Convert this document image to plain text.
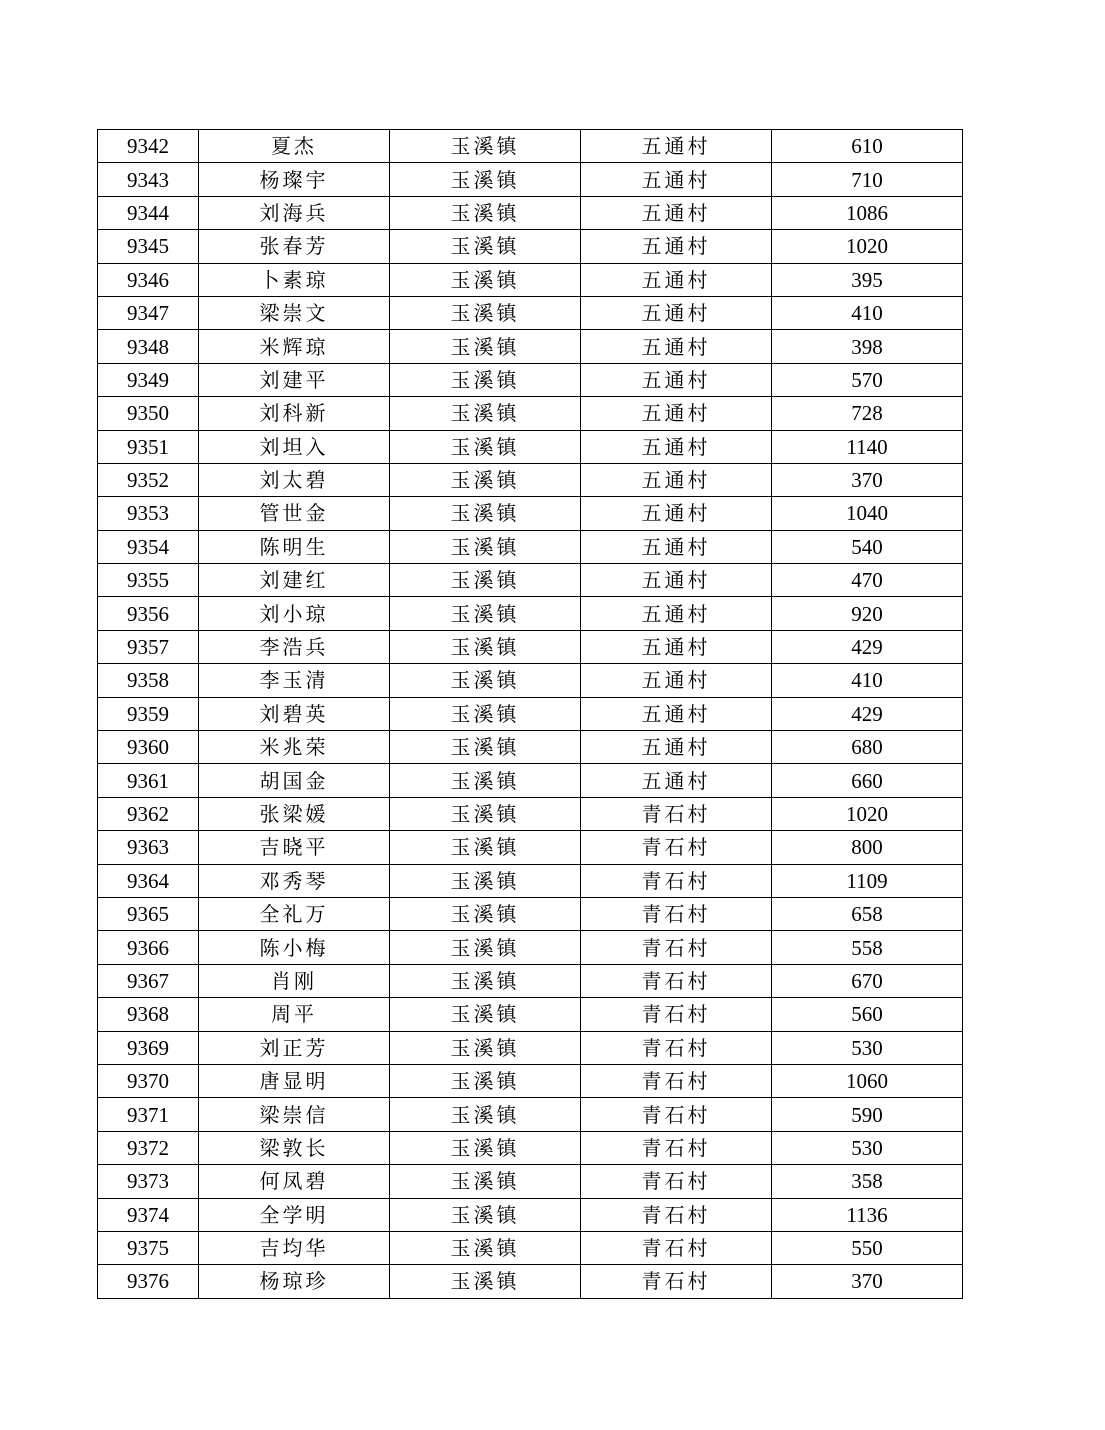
9342	夏杰	玉溪镇	五通村	610
9343	杨璨宇	玉溪镇	五通村	710
9344	刘海兵	玉溪镇	五通村	1086
9345	张春芳	玉溪镇	五通村	1020
9346	卜素琼	玉溪镇	五通村	395
9347	梁崇文	玉溪镇	五通村	410
9348	米辉琼	玉溪镇	五通村	398
9349	刘建平	玉溪镇	五通村	570
9350	刘科新	玉溪镇	五通村	728
9351	刘坦入	玉溪镇	五通村	1140
9352	刘太碧	玉溪镇	五通村	370
9353	管世金	玉溪镇	五通村	1040
9354	陈明生	玉溪镇	五通村	540
9355	刘建红	玉溪镇	五通村	470
9356	刘小琼	玉溪镇	五通村	920
9357	李浩兵	玉溪镇	五通村	429
9358	李玉清	玉溪镇	五通村	410
9359	刘碧英	玉溪镇	五通村	429
9360	米兆荣	玉溪镇	五通村	680
9361	胡国金	玉溪镇	五通村	660
9362	张梁媛	玉溪镇	青石村	1020
9363	吉晓平	玉溪镇	青石村	800
9364	邓秀琴	玉溪镇	青石村	1109
9365	全礼万	玉溪镇	青石村	658
9366	陈小梅	玉溪镇	青石村	558
9367	肖刚	玉溪镇	青石村	670
9368	周平	玉溪镇	青石村	560
9369	刘正芳	玉溪镇	青石村	530
9370	唐显明	玉溪镇	青石村	1060
9371	梁崇信	玉溪镇	青石村	590
9372	梁敦长	玉溪镇	青石村	530
9373	何凤碧	玉溪镇	青石村	358
9374	全学明	玉溪镇	青石村	1136
9375	吉均华	玉溪镇	青石村	550
9376	杨琼珍	玉溪镇	青石村	370
